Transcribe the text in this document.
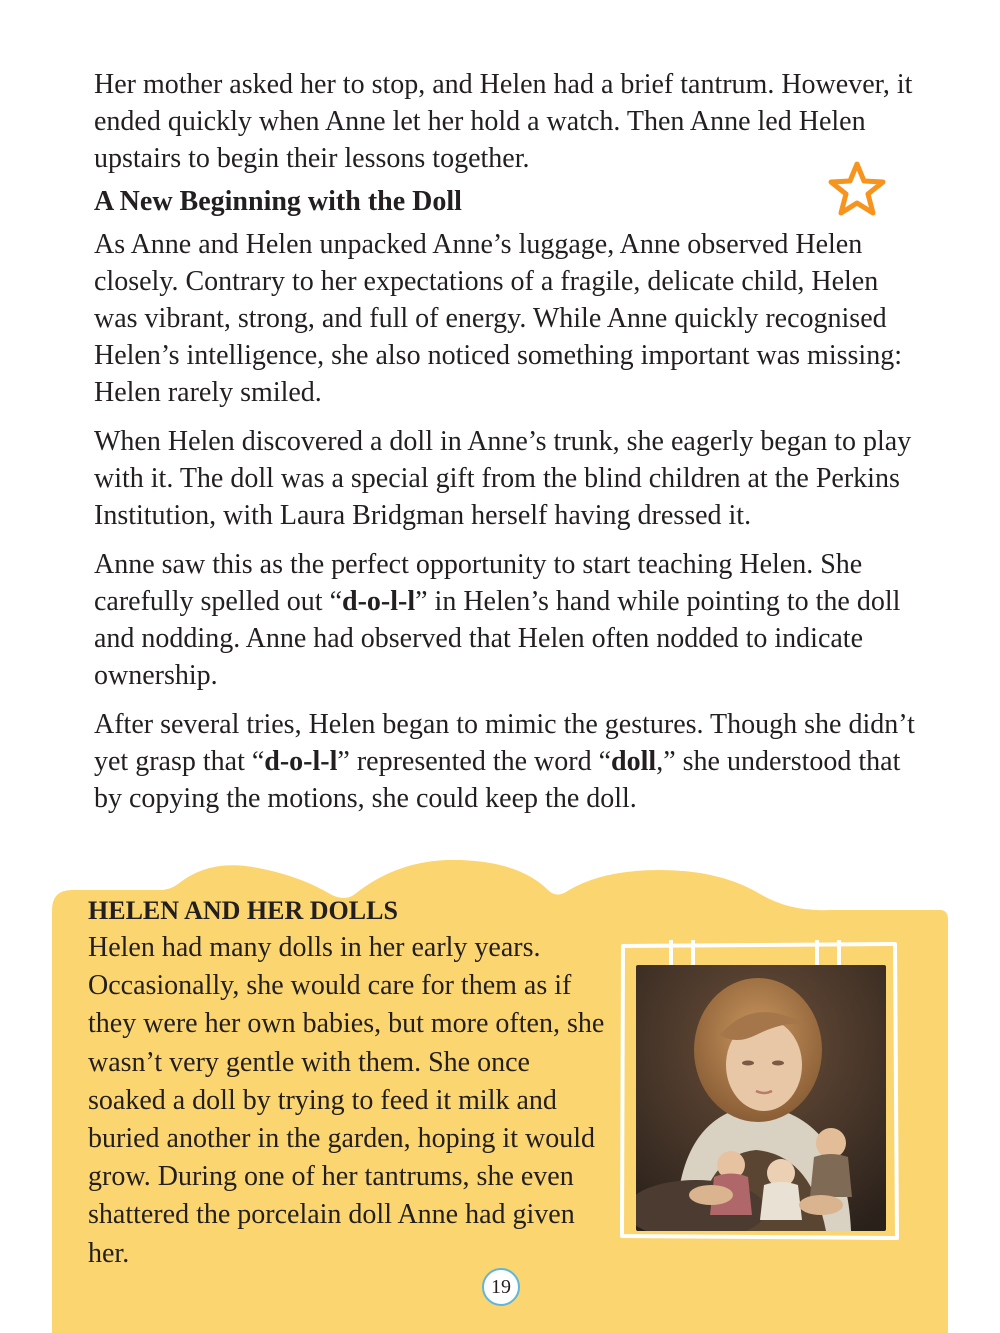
Her mother asked her to stop, and Helen had a brief tantrum. However, it ended quickly when Anne let her hold a watch. Then Anne led Helen upstairs to begin their lessons together.

A New Beginning with the Doll

As Anne and Helen unpacked Anne’s luggage, Anne observed Helen closely. Contrary to her expectations of a fragile, delicate child, Helen was vibrant, strong, and full of energy. While Anne quickly recognised Helen’s intelligence, she also noticed something important was missing: Helen rarely smiled.

When Helen discovered a doll in Anne’s trunk, she eagerly began to play with it. The doll was a special gift from the blind children at the Perkins Institution, with Laura Bridgman herself having dressed it.

Anne saw this as the perfect opportunity to start teaching Helen. She carefully spelled out “d-o-l-l” in Helen’s hand while pointing to the doll and nodding. Anne had observed that Helen often nodded to indicate ownership.

After several tries, Helen began to mimic the gestures. Though she didn’t yet grasp that “d-o-l-l” represented the word “doll,” she understood that by copying the motions, she could keep the doll.

HELEN AND HER DOLLS

Helen had many dolls in her early years. Occasionally, she would care for them as if they were her own babies, but more often, she wasn’t very gentle with them. She once soaked a doll by trying to feed it milk and buried another in the garden, hoping it would grow. During one of her tantrums, she even shattered the porcelain doll Anne had given her.

19
